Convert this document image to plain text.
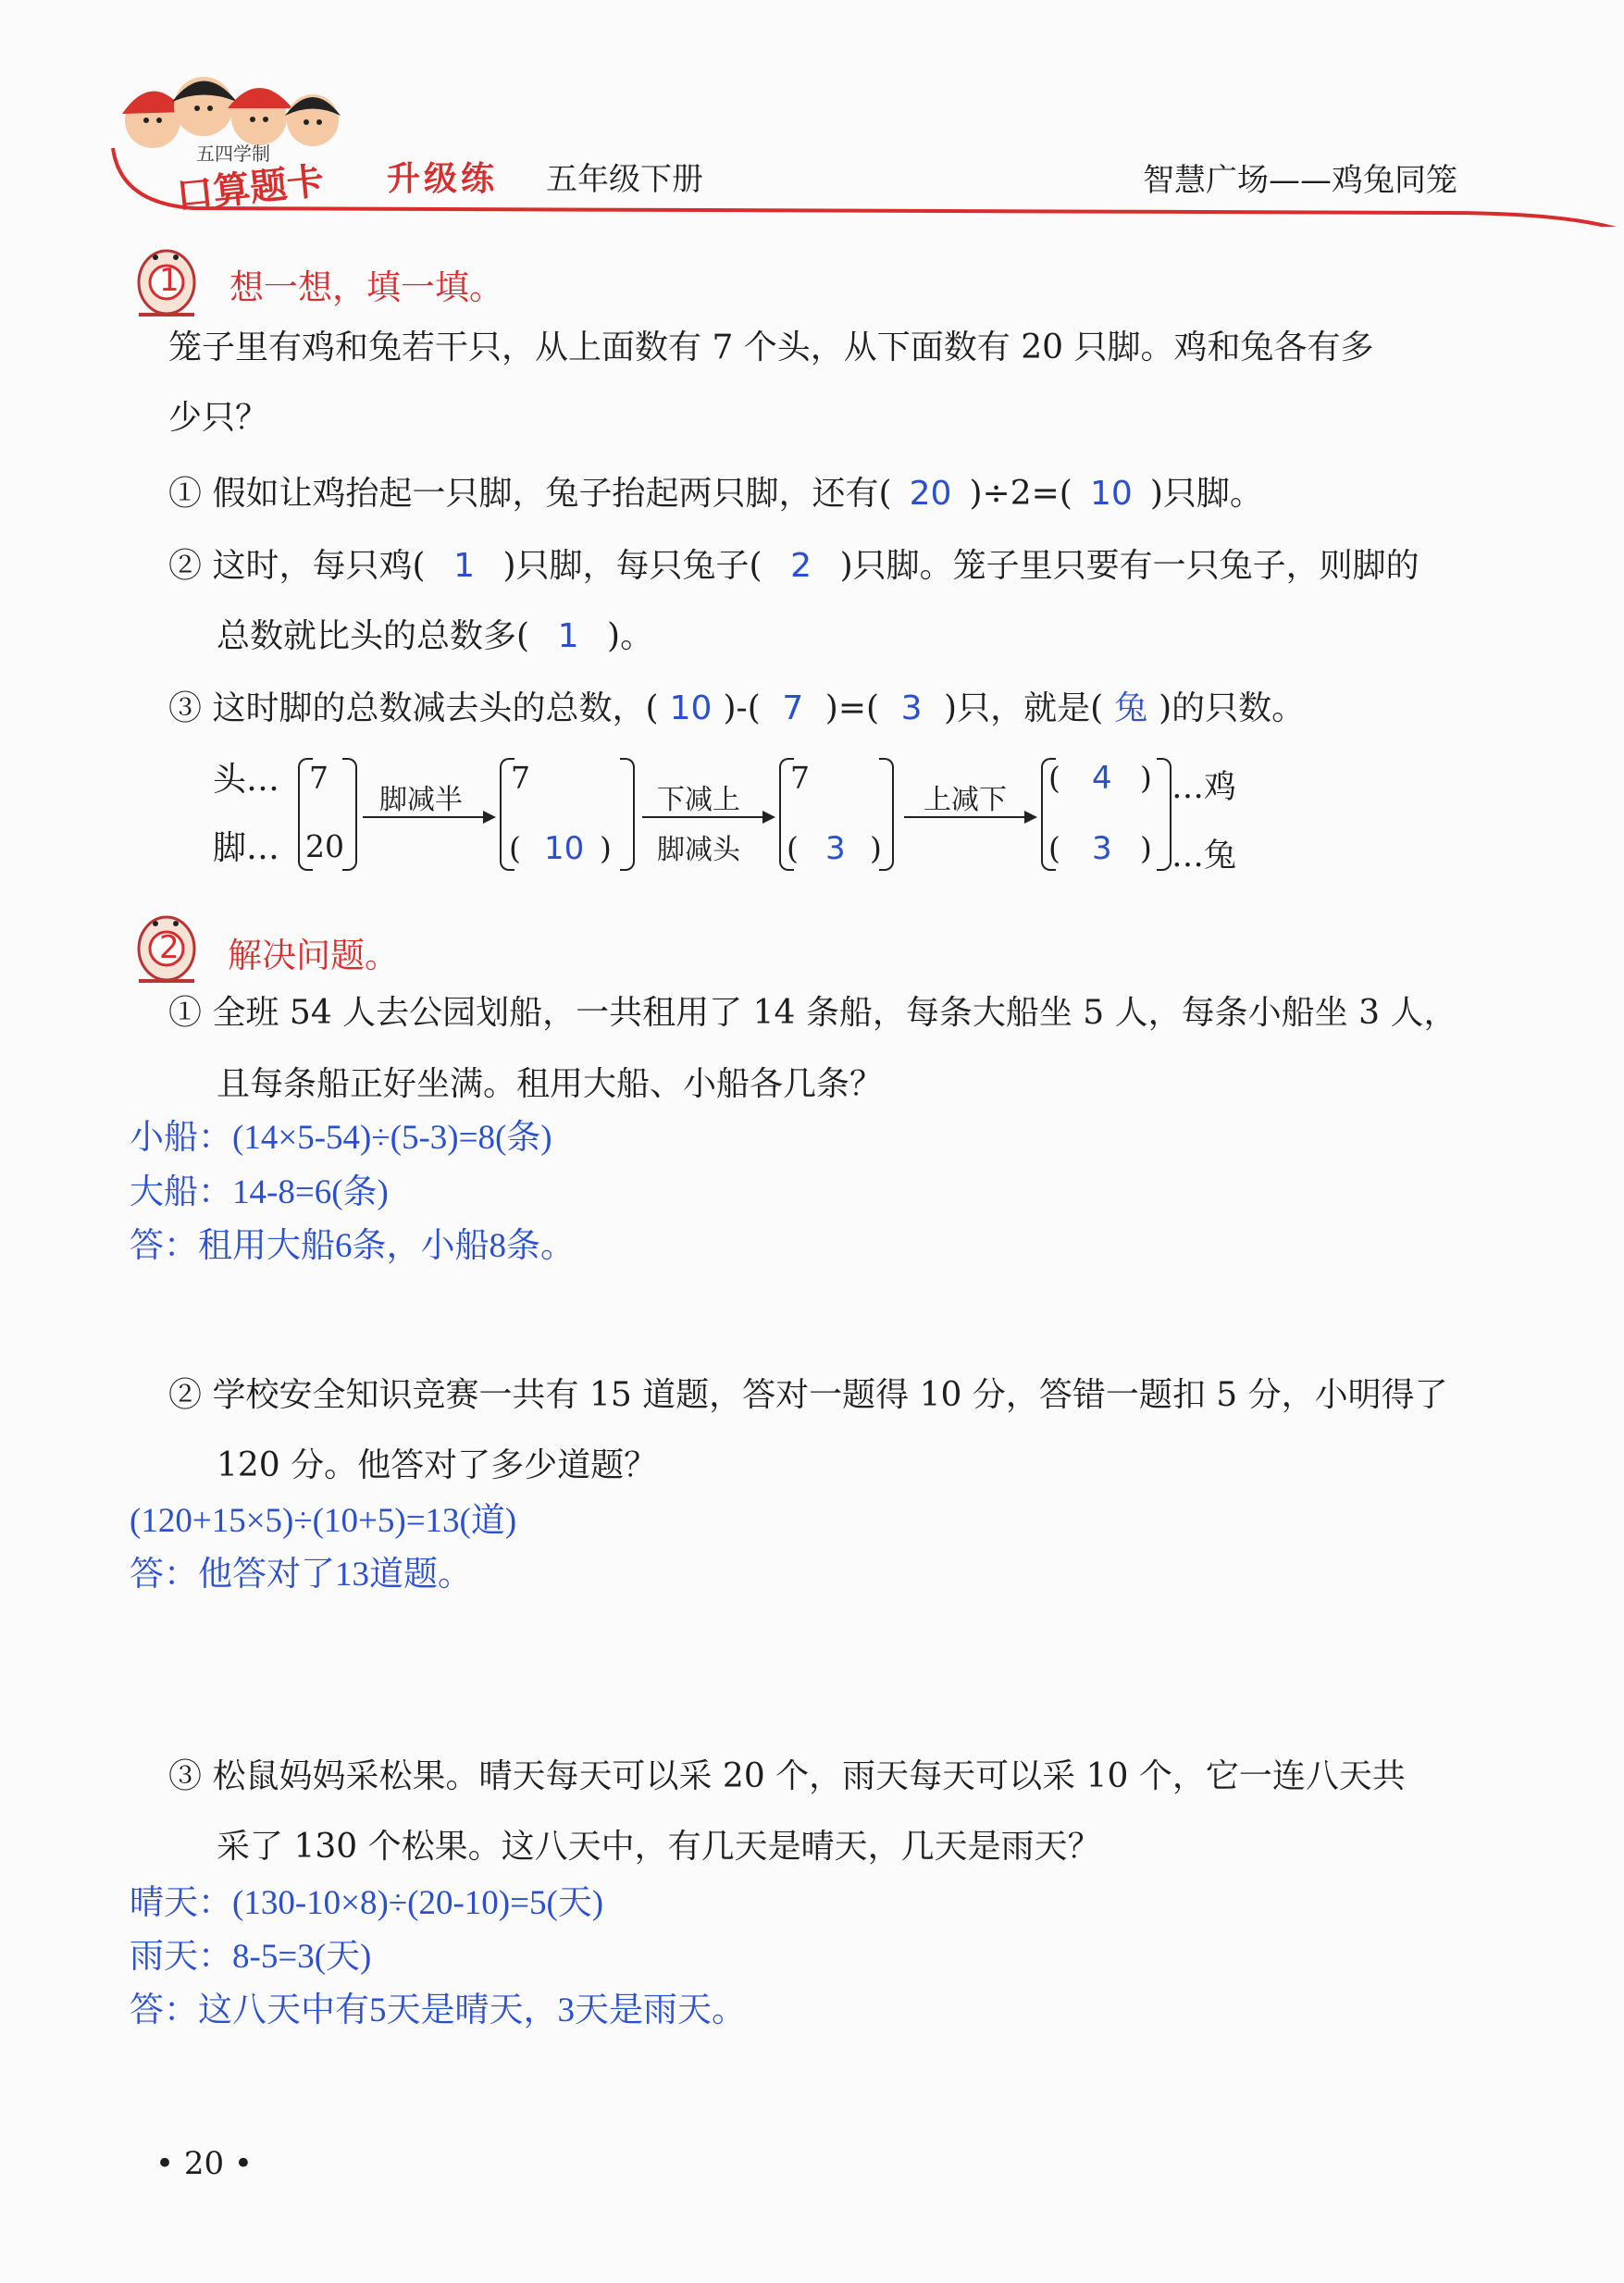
五四学制
口算题卡 升级练 五年级下册	智慧广场——鸡兔同笼
1 想一想，填一填。
笼子里有鸡和兔若干只，从上面数有 7 个头，从下面数有 20 只脚。鸡和兔各有多
少只？
① 假如让鸡抬起一只脚，兔子抬起两只脚，还有( 20 )÷2=( 10 )只脚。
② 这时，每只鸡( 1 )只脚，每只兔子( 2 )只脚。笼子里只要有一只兔子，则脚的
总数就比头的总数多( 1 )。
③ 这时脚的总数减去头的总数，( 10 )-( 7 )=( 3 )只，就是( 兔 )的只数。
头…
脚…
7
20
脚减半
7
( 10 )
下减上
脚减头
7
( 3 )
上减下
( 4 )
( 3 )
…鸡
…兔
2 解决问题。
① 全班 54 人去公园划船，一共租用了 14 条船，每条大船坐 5 人，每条小船坐 3 人，
且每条船正好坐满。租用大船、小船各几条？
小船：(14×5-54)÷(5-3)=8(条)
大船：14-8=6(条)
答：租用大船6条，小船8条。
② 学校安全知识竞赛一共有 15 道题，答对一题得 10 分，答错一题扣 5 分，小明得了
120 分。他答对了多少道题？
(120+15×5)÷(10+5)=13(道)
答：他答对了13道题。
③ 松鼠妈妈采松果。晴天每天可以采 20 个，雨天每天可以采 10 个，它一连八天共
采了 130 个松果。这八天中，有几天是晴天，几天是雨天？
晴天：(130-10×8)÷(20-10)=5(天)
雨天：8-5=3(天)
答：这八天中有5天是晴天，3天是雨天。
• 20 •
